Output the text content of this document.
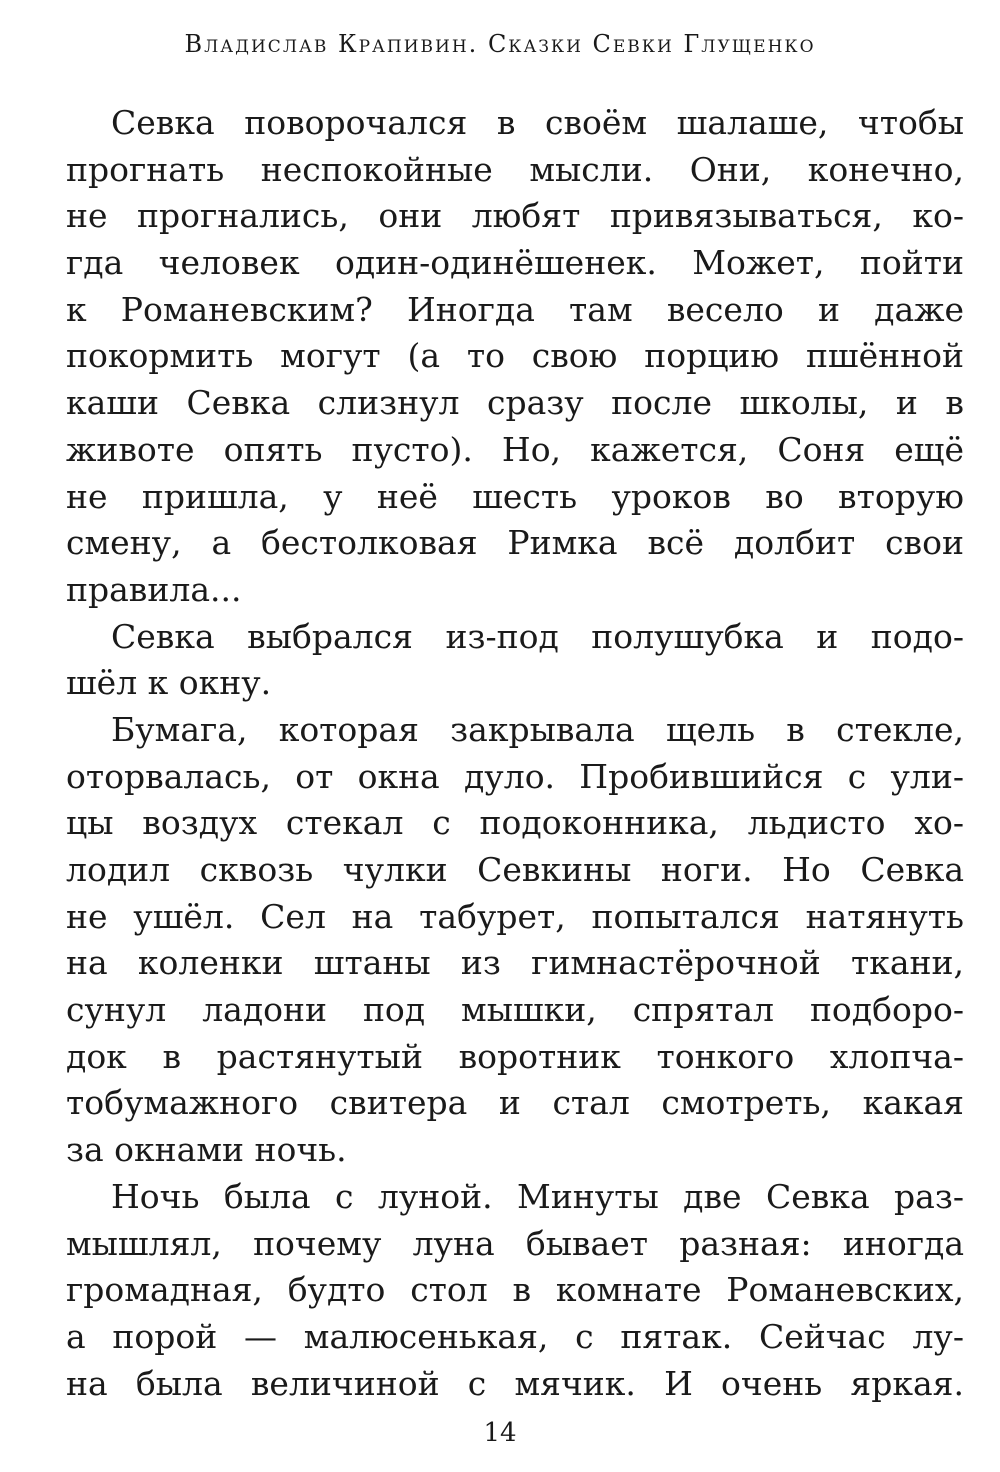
Владислав Крапивин. Сказки Севки Глущенко
Севка поворочался в своём шалаше, чтобы
прогнать неспокойные мысли. Они, конечно,
не прогнались, они любят привязываться, ко-
гда человек один-одинёшенек. Может, пойти
к Романевским? Иногда там весело и даже
покормить могут (а то свою порцию пшённой
каши Севка слизнул сразу после школы, и в
животе опять пусто). Но, кажется, Соня ещё
не пришла, у неё шесть уроков во вторую
смену, а бестолковая Римка всё долбит свои
правила...
Севка выбрался из-под полушубка и подо-
шёл к окну.
Бумага, которая закрывала щель в стекле,
оторвалась, от окна дуло. Пробившийся с ули-
цы воздух стекал с подоконника, льдисто хо-
лодил сквозь чулки Севкины ноги. Но Севка
не ушёл. Сел на табурет, попытался натянуть
на коленки штаны из гимнастёрочной ткани,
сунул ладони под мышки, спрятал подборо-
док в растянутый воротник тонкого хлопча-
тобумажного свитера и стал смотреть, какая
за окнами ночь.
Ночь была с луной. Минуты две Севка раз-
мышлял, почему луна бывает разная: иногда
громадная, будто стол в комнате Романевских,
а порой — малюсенькая, с пятак. Сейчас лу-
на была величиной с мячик. И очень яркая.
14
